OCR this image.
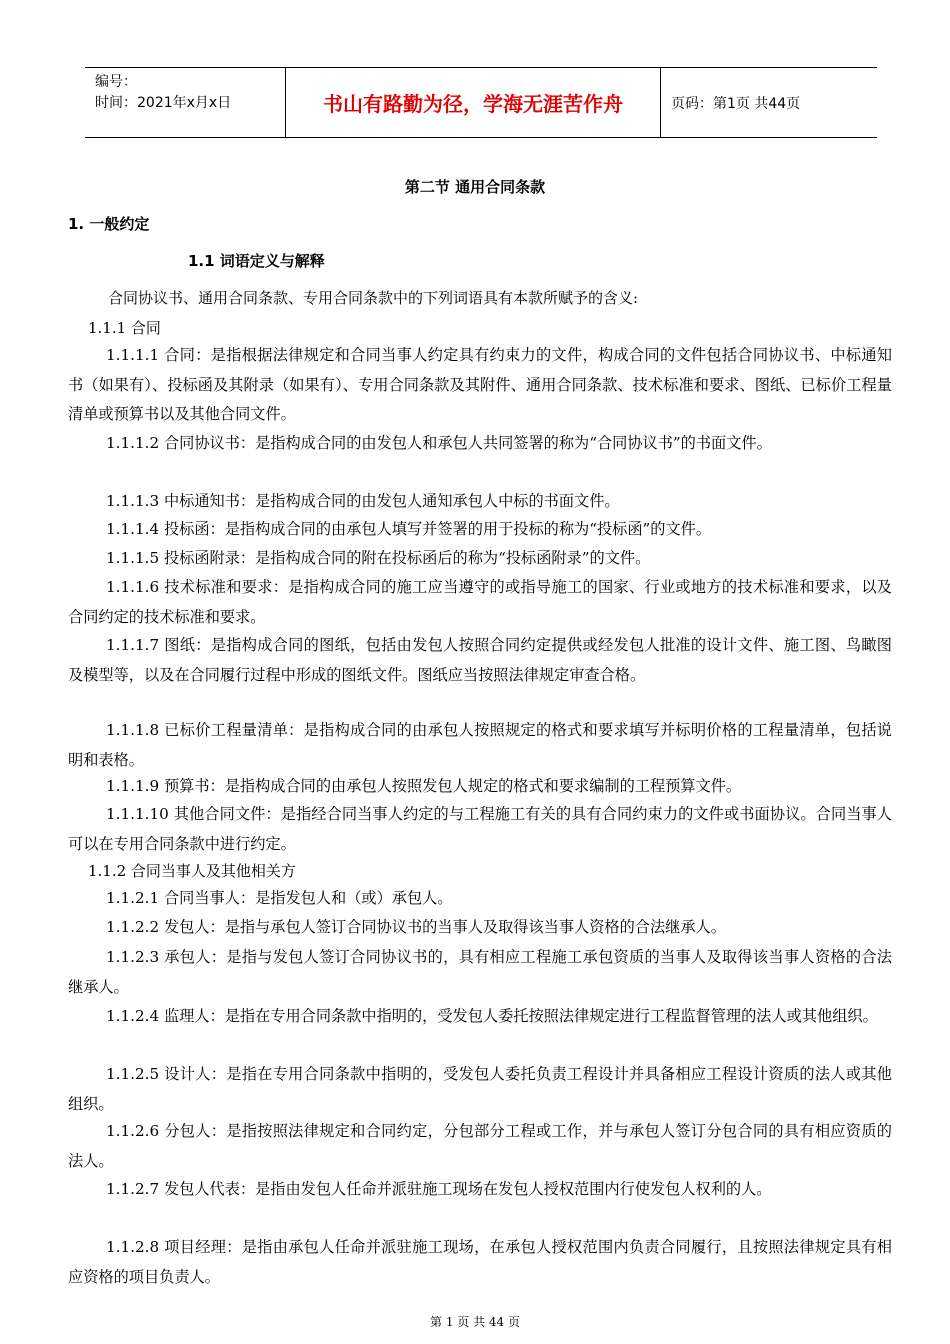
编号：
时间：2021年x月x日	书山有路勤为径，学海无涯苦作舟	页码：第1页 共44页
第二节 通用合同条款
1. 一般约定
1.1 词语定义与解释
合同协议书、通用合同条款、专用合同条款中的下列词语具有本款所赋予的含义:
1.1.1 合同
1.1.1.1 合同：是指根据法律规定和合同当事人约定具有约束力的文件，构成合同的文件包括合同协议书、中标通知书（如果有）、投标函及其附录（如果有）、专用合同条款及其附件、通用合同条款、技术标准和要求、图纸、已标价工程量清单或预算书以及其他合同文件。
1.1.1.2 合同协议书：是指构成合同的由发包人和承包人共同签署的称为“合同协议书”的书面文件。
1.1.1.3 中标通知书：是指构成合同的由发包人通知承包人中标的书面文件。
1.1.1.4 投标函：是指构成合同的由承包人填写并签署的用于投标的称为“投标函”的文件。
1.1.1.5 投标函附录：是指构成合同的附在投标函后的称为“投标函附录”的文件。
1.1.1.6 技术标准和要求：是指构成合同的施工应当遵守的或指导施工的国家、行业或地方的技术标准和要求，以及合同约定的技术标准和要求。
1.1.1.7 图纸：是指构成合同的图纸，包括由发包人按照合同约定提供或经发包人批准的设计文件、施工图、鸟瞰图及模型等，以及在合同履行过程中形成的图纸文件。图纸应当按照法律规定审查合格。
1.1.1.8 已标价工程量清单：是指构成合同的由承包人按照规定的格式和要求填写并标明价格的工程量清单，包括说明和表格。
1.1.1.9 预算书：是指构成合同的由承包人按照发包人规定的格式和要求编制的工程预算文件。
1.1.1.10 其他合同文件：是指经合同当事人约定的与工程施工有关的具有合同约束力的文件或书面协议。合同当事人可以在专用合同条款中进行约定。
1.1.2 合同当事人及其他相关方
1.1.2.1 合同当事人：是指发包人和（或）承包人。
1.1.2.2 发包人：是指与承包人签订合同协议书的当事人及取得该当事人资格的合法继承人。
1.1.2.3 承包人：是指与发包人签订合同协议书的，具有相应工程施工承包资质的当事人及取得该当事人资格的合法继承人。
1.1.2.4 监理人：是指在专用合同条款中指明的，受发包人委托按照法律规定进行工程监督管理的法人或其他组织。
1.1.2.5 设计人：是指在专用合同条款中指明的，受发包人委托负责工程设计并具备相应工程设计资质的法人或其他组织。
1.1.2.6 分包人：是指按照法律规定和合同约定，分包部分工程或工作，并与承包人签订分包合同的具有相应资质的法人。
1.1.2.7 发包人代表：是指由发包人任命并派驻施工现场在发包人授权范围内行使发包人权利的人。
1.1.2.8 项目经理：是指由承包人任命并派驻施工现场，在承包人授权范围内负责合同履行，且按照法律规定具有相应资格的项目负责人。
第 1 页 共 44 页
